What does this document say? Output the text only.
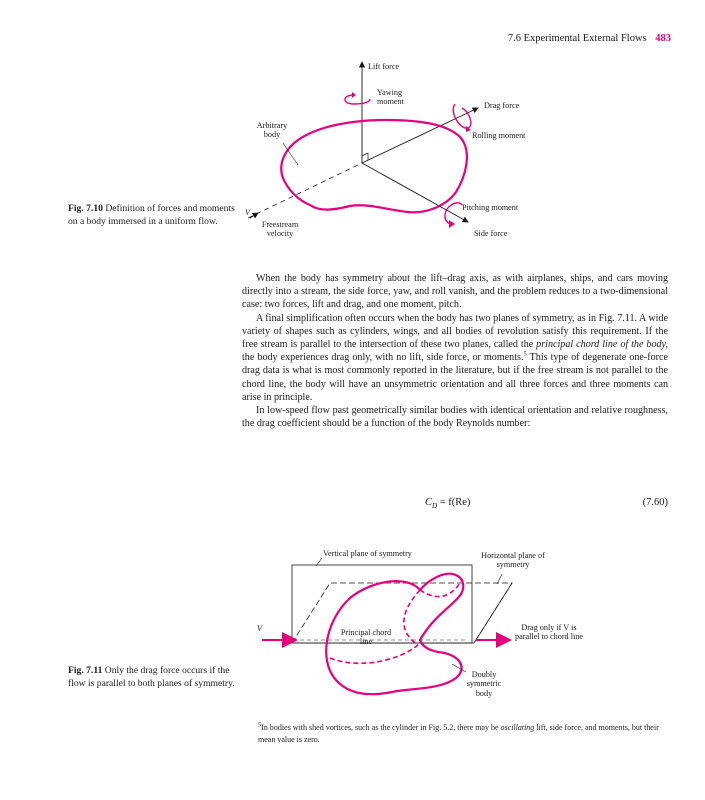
7.6 Experimental External Flows 483
Lift force
Yawing moment	Drag force
Rolling moment
Arbitrary body
Pitching moment
Side force
V
Freestream velocity
Fig. 7.10 Definition of forces and moments on a body immersed in a uniform flow.

When the body has symmetry about the lift–drag axis, as with airplanes, ships, and cars moving directly into a stream, the side force, yaw, and roll vanish, and the problem reduces to a two-dimensional case: two forces, lift and drag, and one moment, pitch.

A final simplification often occurs when the body has two planes of symmetry, as in Fig. 7.11. A wide variety of shapes such as cylinders, wings, and all bodies of revolution satisfy this requirement. If the free stream is parallel to the intersection of these two planes, called the principal chord line of the body, the body experiences drag only, with no lift, side force, or moments.$^5$ This type of degenerate one-force drag data is what is most commonly reported in the literature, but if the free stream is not parallel to the chord line, the body will have an unsymmetric orientation and all three forces and three moments can arise in principle.

In low-speed flow past geometrically similar bodies with identical orientation and relative roughness, the drag coefficient should be a function of the body Reynolds number:

$C_D = f(Re)$	(7.60)
Vertical plane of symmetry	Horizontal plane of symmetry
V	Principal chord line
Drag only if V is parallel to chord line
Doubly symmetric body
Fig. 7.11 Only the drag force occurs if the flow is parallel to both planes of symmetry.
$^5$In bodies with shed vortices, such as the cylinder in Fig. 5.2, there may be oscillating lift, side force, and moments, but their mean value is zero.
